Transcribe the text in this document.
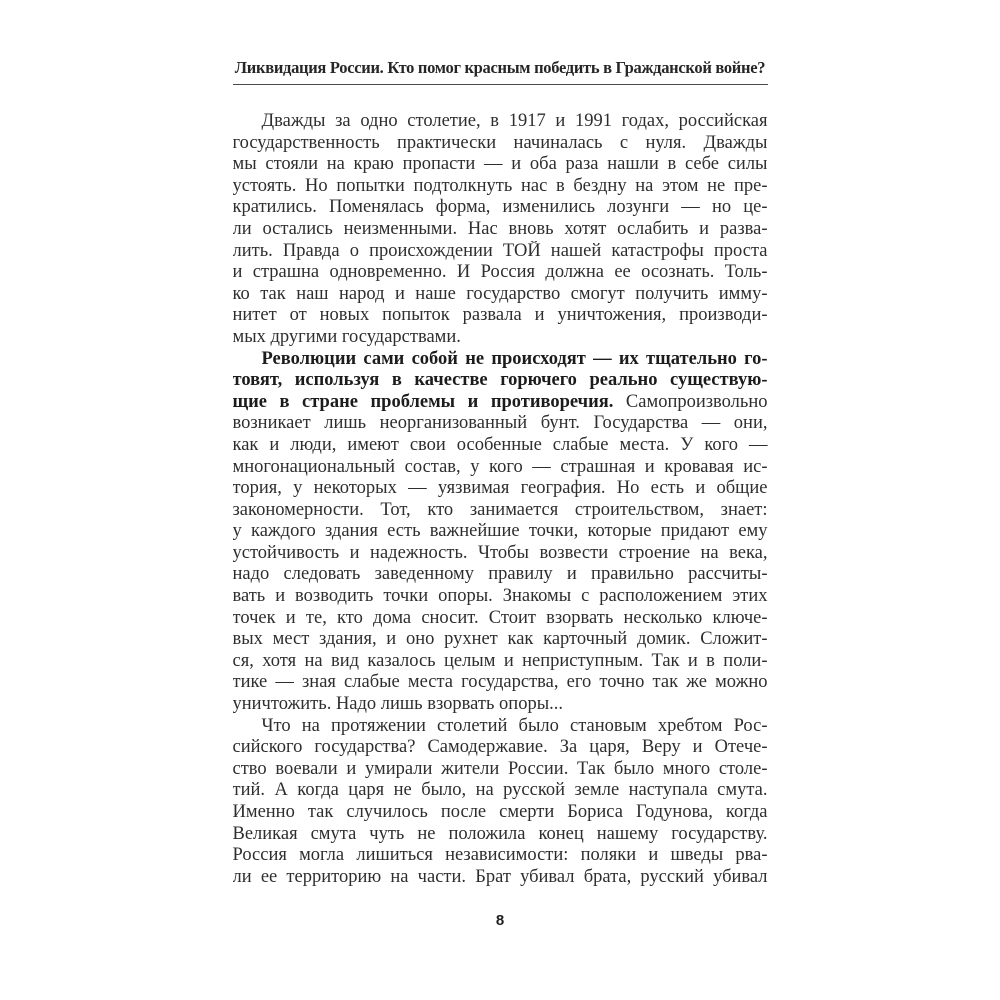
Ликвидация России. Кто помог красным победить в Гражданской войне?
Дважды за одно столетие, в 1917 и 1991 годах, российская
государственность практически начиналась с нуля. Дважды
мы стояли на краю пропасти — и оба раза нашли в себе силы
устоять. Но попытки подтолкнуть нас в бездну на этом не пре-
кратились. Поменялась форма, изменились лозунги — но це-
ли остались неизменными. Нас вновь хотят ослабить и разва-
лить. Правда о происхождении ТОЙ нашей катастрофы проста
и страшна одновременно. И Россия должна ее осознать. Толь-
ко так наш народ и наше государство смогут получить имму-
нитет от новых попыток развала и уничтожения, производи-
мых другими государствами.
Революции сами собой не происходят — их тщательно го-
товят, используя в качестве горючего реально существую-
щие в стране проблемы и противоречия. Самопроизвольно
возникает лишь неорганизованный бунт. Государства — они,
как и люди, имеют свои особенные слабые места. У кого —
многонациональный состав, у кого — страшная и кровавая ис-
тория, у некоторых — уязвимая география. Но есть и общие
закономерности. Тот, кто занимается строительством, знает:
у каждого здания есть важнейшие точки, которые придают ему
устойчивость и надежность. Чтобы возвести строение на века,
надо следовать заведенному правилу и правильно рассчиты-
вать и возводить точки опоры. Знакомы с расположением этих
точек и те, кто дома сносит. Стоит взорвать несколько ключе-
вых мест здания, и оно рухнет как карточный домик. Сложит-
ся, хотя на вид казалось целым и неприступным. Так и в поли-
тике — зная слабые места государства, его точно так же можно
уничтожить. Надо лишь взорвать опоры...
Что на протяжении столетий было становым хребтом Рос-
сийского государства? Самодержавие. За царя, Веру и Отече-
ство воевали и умирали жители России. Так было много столе-
тий. А когда царя не было, на русской земле наступала смута.
Именно так случилось после смерти Бориса Годунова, когда
Великая смута чуть не положила конец нашему государству.
Россия могла лишиться независимости: поляки и шведы рва-
ли ее территорию на части. Брат убивал брата, русский убивал
8
